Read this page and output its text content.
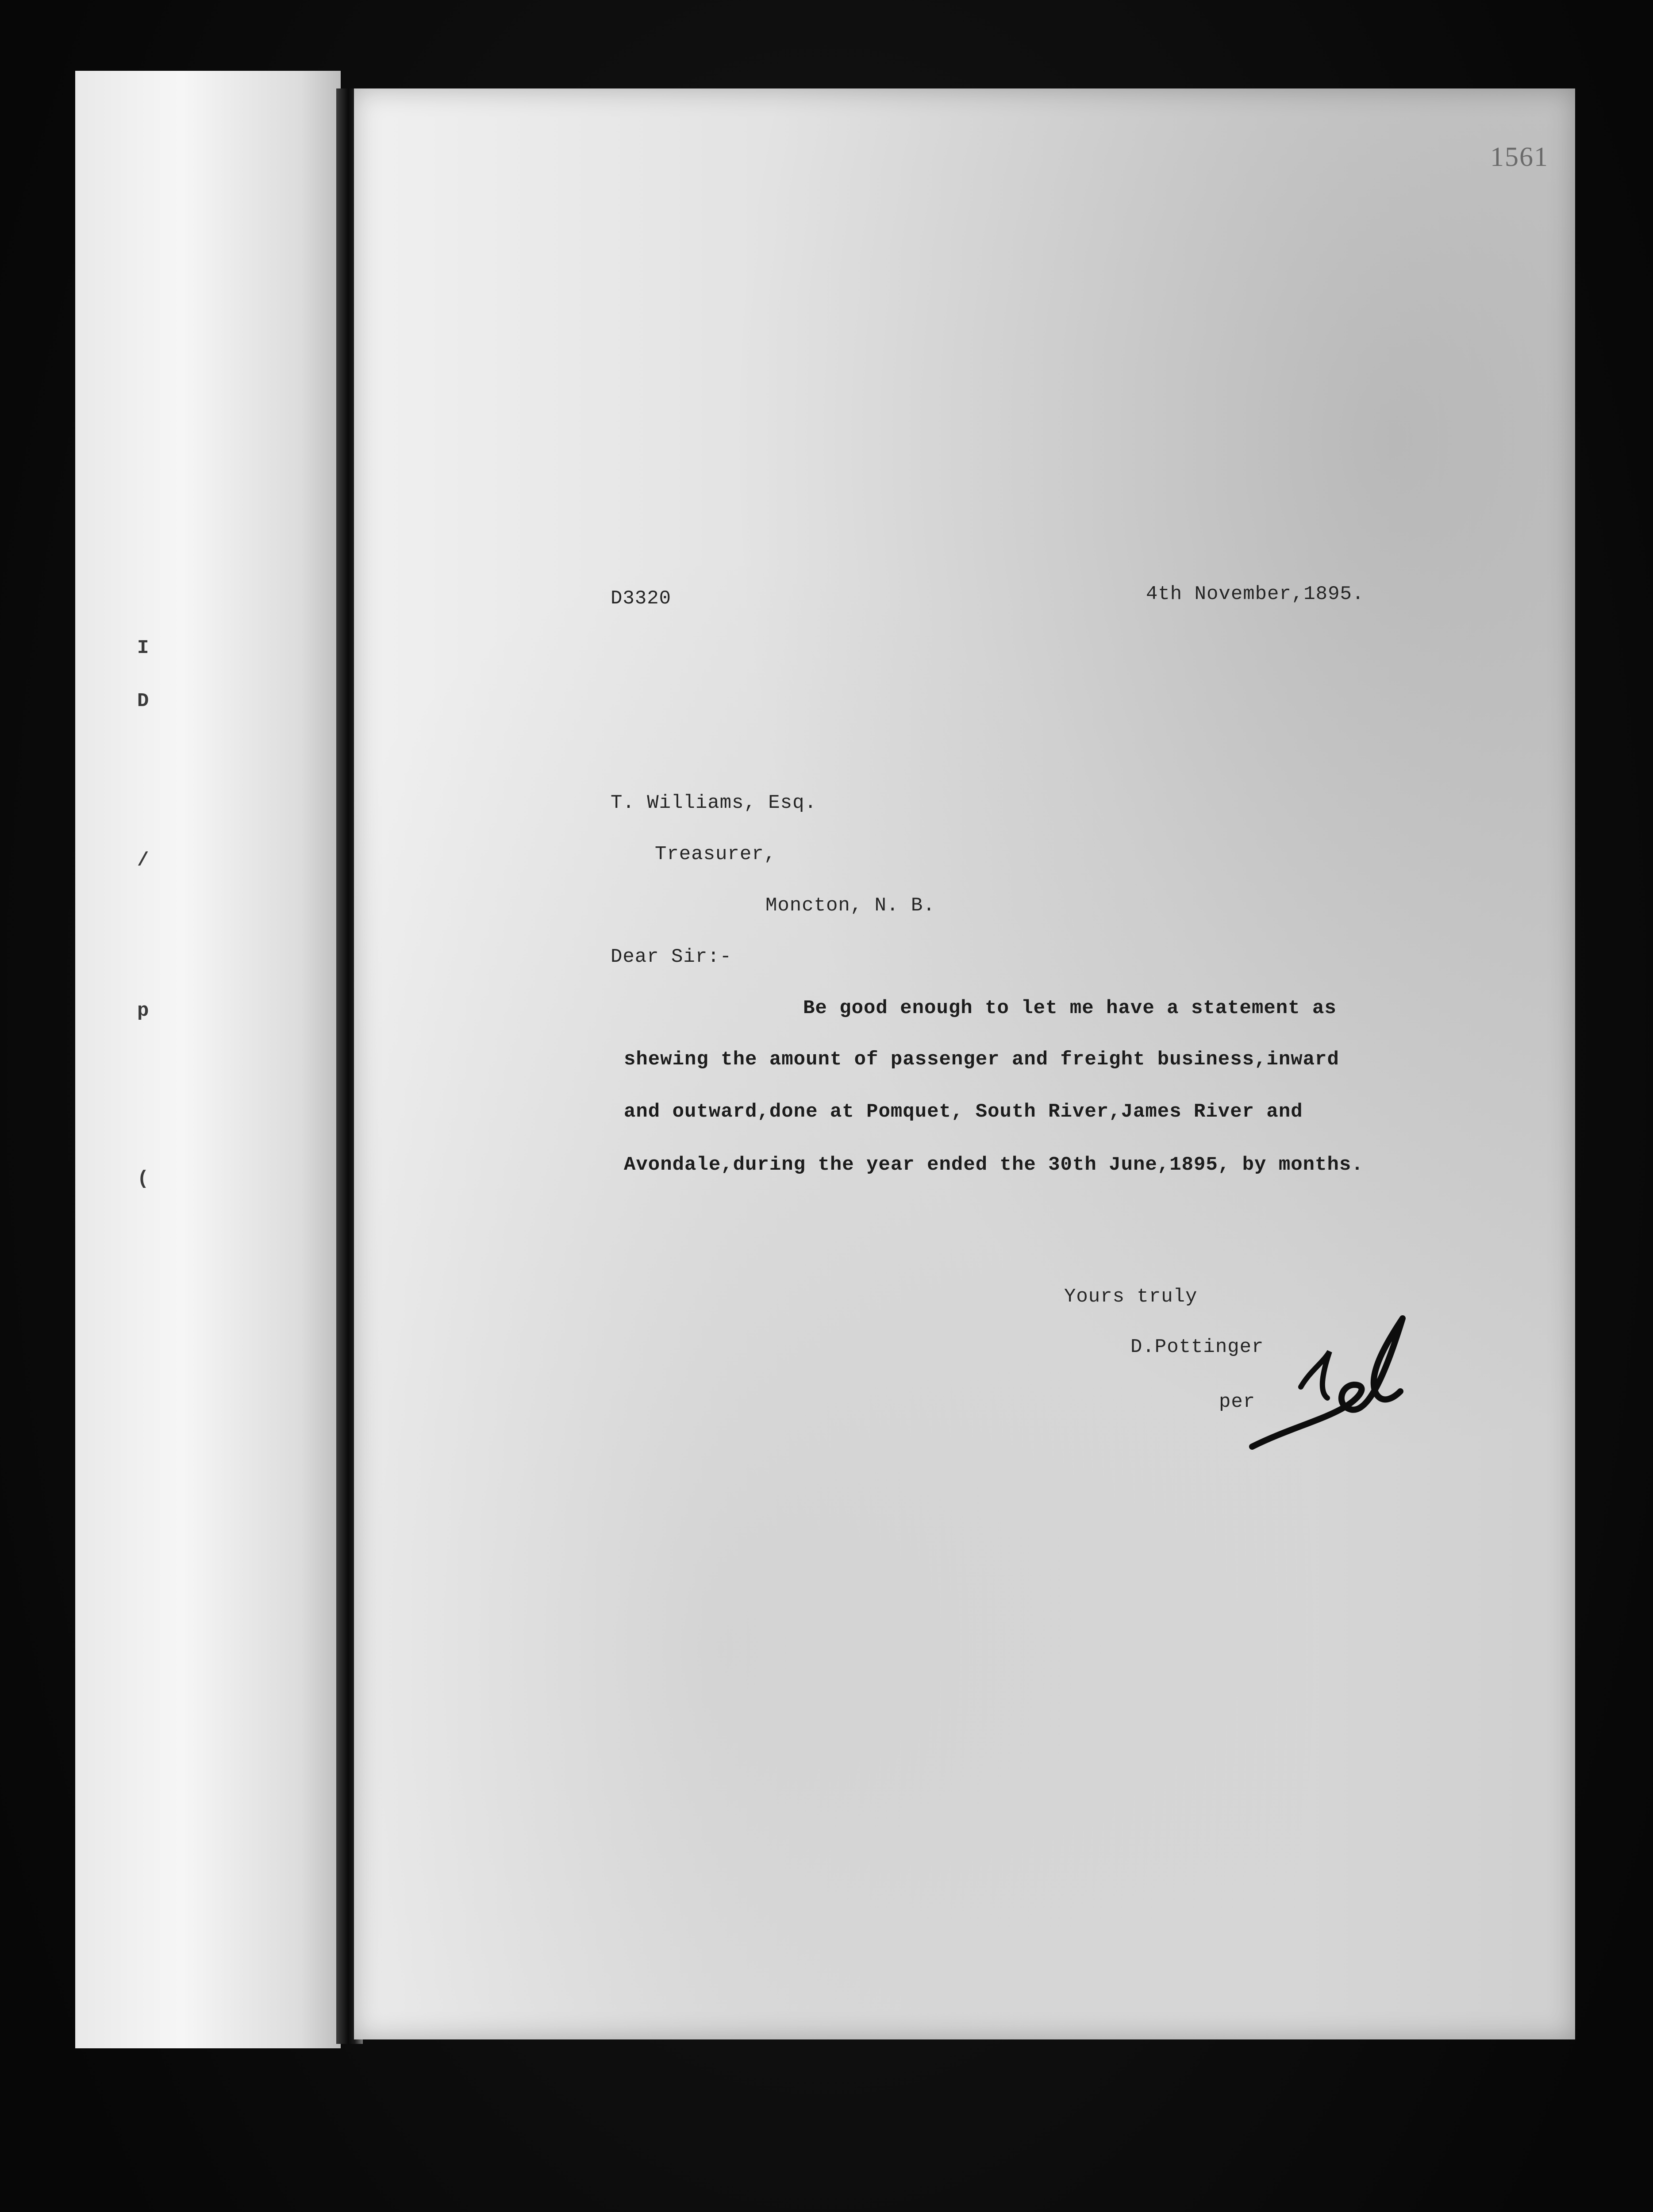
I
D
/
p
(
1561
D3320	4th November,1895.
T. Williams, Esq.
Treasurer,
Moncton, N. B.
Dear Sir:-
Be good enough to let me have a statement as
shewing the amount of passenger and freight business,inward
and outward,done at Pomquet, South River,James River and
Avondale,during the year ended the 30th June,1895, by months.
Yours truly
D.Pottinger
per
